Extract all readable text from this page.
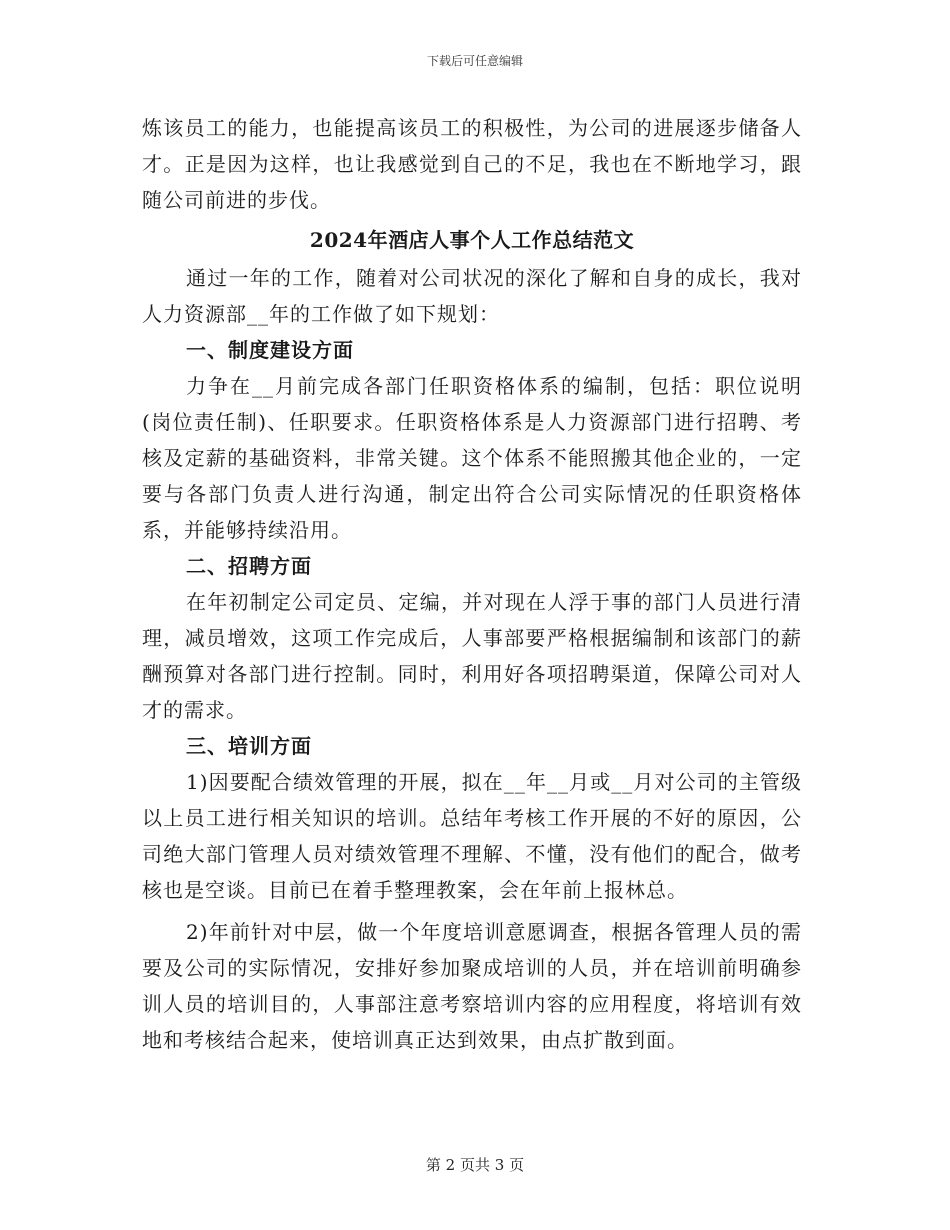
下载后可任意编辑

炼该员工的能力，也能提高该员工的积极性，为公司的进展逐步储备人才。正是因为这样，也让我感觉到自己的不足，我也在不断地学习，跟随公司前进的步伐。

2024年酒店人事个人工作总结范文

通过一年的工作，随着对公司状况的深化了解和自身的成长，我对人力资源部__年的工作做了如下规划：

一、制度建设方面

力争在__月前完成各部门任职资格体系的编制，包括：职位说明(岗位责任制)、任职要求。任职资格体系是人力资源部门进行招聘、考核及定薪的基础资料，非常关键。这个体系不能照搬其他企业的，一定要与各部门负责人进行沟通，制定出符合公司实际情况的任职资格体系，并能够持续沿用。

二、招聘方面

在年初制定公司定员、定编，并对现在人浮于事的部门人员进行清理，减员增效，这项工作完成后，人事部要严格根据编制和该部门的薪酬预算对各部门进行控制。同时，利用好各项招聘渠道，保障公司对人才的需求。

三、培训方面

1)因要配合绩效管理的开展，拟在__年__月或__月对公司的主管级以上员工进行相关知识的培训。总结年考核工作开展的不好的原因，公司绝大部门管理人员对绩效管理不理解、不懂，没有他们的配合，做考核也是空谈。目前已在着手整理教案，会在年前上报林总。

2)年前针对中层，做一个年度培训意愿调查，根据各管理人员的需要及公司的实际情况，安排好参加聚成培训的人员，并在培训前明确参训人员的培训目的，人事部注意考察培训内容的应用程度，将培训有效地和考核结合起来，使培训真正达到效果，由点扩散到面。

第 2 页共 3 页
